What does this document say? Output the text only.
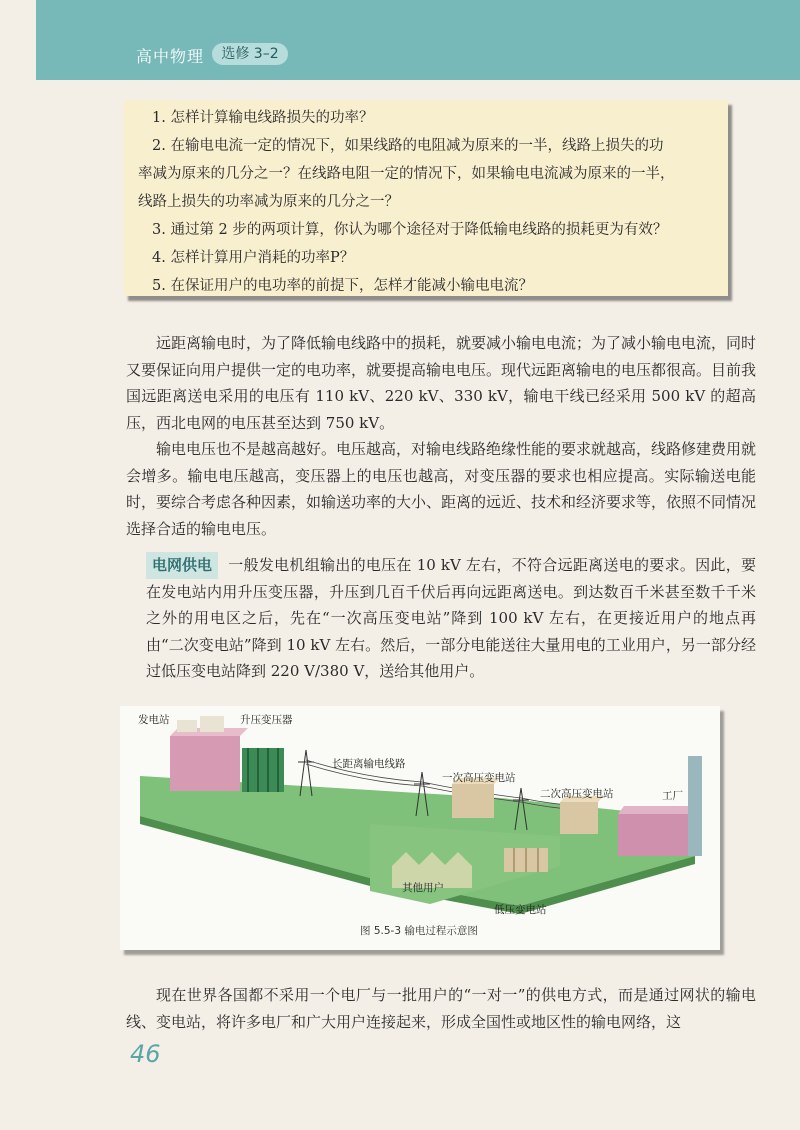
高中物理	选修 3–2

1. 怎样计算输电线路损失的功率？

2. 在输电电流一定的情况下，如果线路的电阻减为原来的一半，线路上损失的功

率减为原来的几分之一？在线路电阻一定的情况下，如果输电电流减为原来的一半，

线路上损失的功率减为原来的几分之一？

3. 通过第 2 步的两项计算，你认为哪个途径对于降低输电线路的损耗更为有效？

4. 怎样计算用户消耗的功率P？

5. 在保证用户的电功率的前提下，怎样才能减小输电电流？

远距离输电时，为了降低输电线路中的损耗，就要减小输电电流；为了减小输电电流，同时又要保证向用户提供一定的电功率，就要提高输电电压。现代远距离输电的电压都很高。目前我国远距离送电采用的电压有 110 kV、220 kV、330 kV，输电干线已经采用 500 kV 的超高压，西北电网的电压甚至达到 750 kV。

输电电压也不是越高越好。电压越高，对输电线路绝缘性能的要求就越高，线路修建费用就会增多。输电电压越高，变压器上的电压也越高，对变压器的要求也相应提高。实际输送电能时，要综合考虑各种因素，如输送功率的大小、距离的远近、技术和经济要求等，依照不同情况选择合适的输电电压。

电网供电 一般发电机组输出的电压在 10 kV 左右，不符合远距离送电的要求。因此，要在发电站内用升压变压器，升压到几百千伏后再向远距离送电。到达数百千米甚至数千千米之外的用电区之后，先在“一次高压变电站”降到 100 kV 左右，在更接近用户的地点再由“二次变电站”降到 10 kV 左右。然后，一部分电能送往大量用电的工业用户，另一部分经过低压变电站降到 220 V/380 V，送给其他用户。

发电站	升压变压器
长距离输电线路
一次高压变电站
二次高压变电站	工厂
其他用户
低压变电站
图 5.5-3 输电过程示意图

现在世界各国都不采用一个电厂与一批用户的“一对一”的供电方式，而是通过网状的输电线、变电站，将许多电厂和广大用户连接起来，形成全国性或地区性的输电网络，这

46
